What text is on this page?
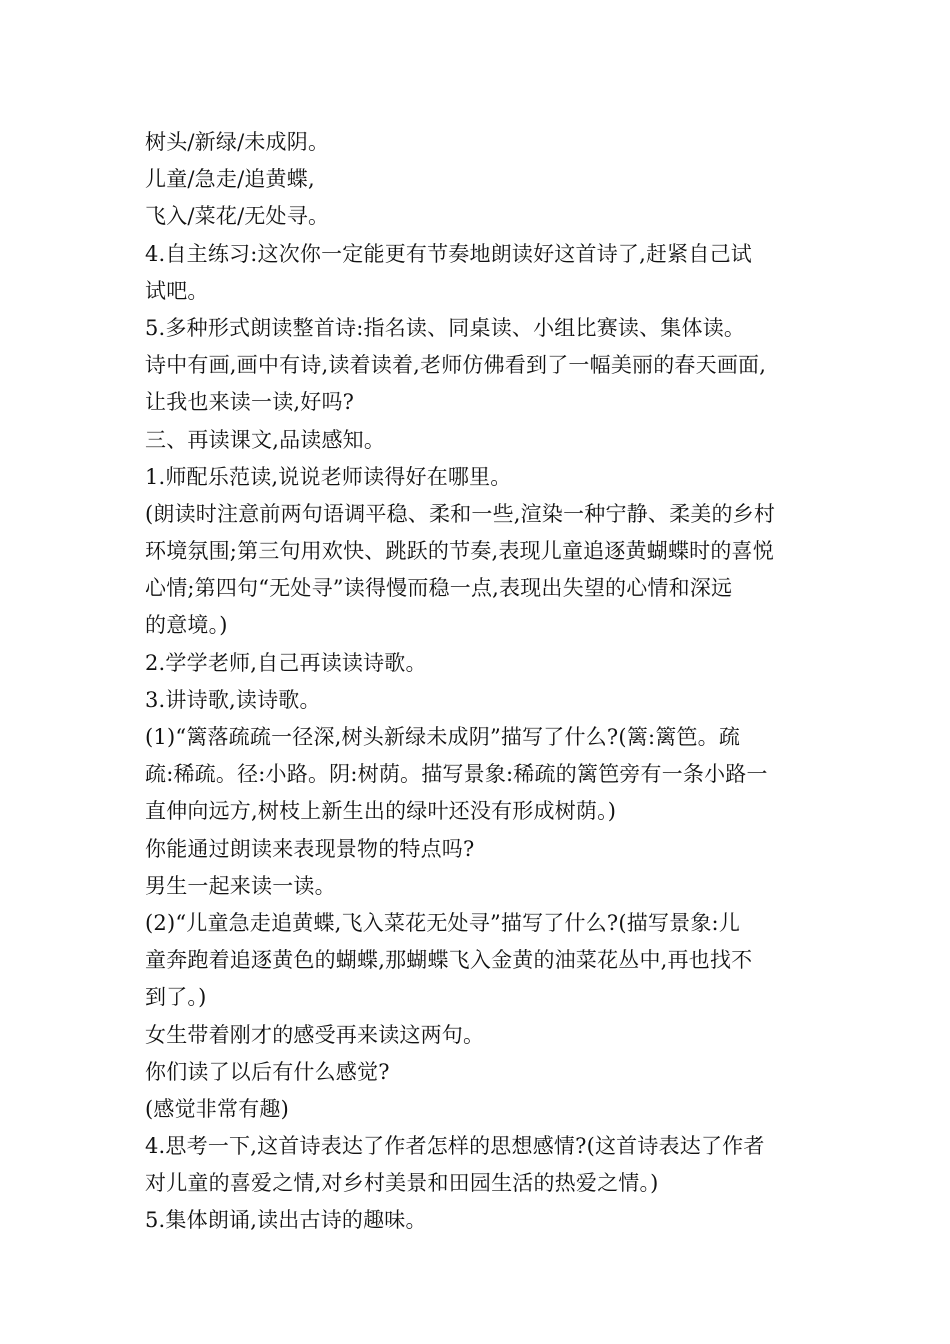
树头/新绿/未成阴。
儿童/急走/追黄蝶,
飞入/菜花/无处寻。
4.自主练习:这次你一定能更有节奏地朗读好这首诗了,赶紧自己试
试吧。
5.多种形式朗读整首诗:指名读、同桌读、小组比赛读、集体读。
诗中有画,画中有诗,读着读着,老师仿佛看到了一幅美丽的春天画面,
让我也来读一读,好吗?
三、再读课文,品读感知。
1.师配乐范读,说说老师读得好在哪里。
(朗读时注意前两句语调平稳、柔和一些,渲染一种宁静、柔美的乡村
环境氛围;第三句用欢快、跳跃的节奏,表现儿童追逐黄蝴蝶时的喜悦
心情;第四句“无处寻”读得慢而稳一点,表现出失望的心情和深远
的意境。)
2.学学老师,自己再读读诗歌。
3.讲诗歌,读诗歌。
(1)“篱落疏疏一径深,树头新绿未成阴”描写了什么?(篱:篱笆。疏
疏:稀疏。径:小路。阴:树荫。描写景象:稀疏的篱笆旁有一条小路一
直伸向远方,树枝上新生出的绿叶还没有形成树荫。)
你能通过朗读来表现景物的特点吗?
男生一起来读一读。
(2)“儿童急走追黄蝶,飞入菜花无处寻”描写了什么?(描写景象:儿
童奔跑着追逐黄色的蝴蝶,那蝴蝶飞入金黄的油菜花丛中,再也找不
到了。)
女生带着刚才的感受再来读这两句。
你们读了以后有什么感觉?
(感觉非常有趣)
4.思考一下,这首诗表达了作者怎样的思想感情?(这首诗表达了作者
对儿童的喜爱之情,对乡村美景和田园生活的热爱之情。)
5.集体朗诵,读出古诗的趣味。
